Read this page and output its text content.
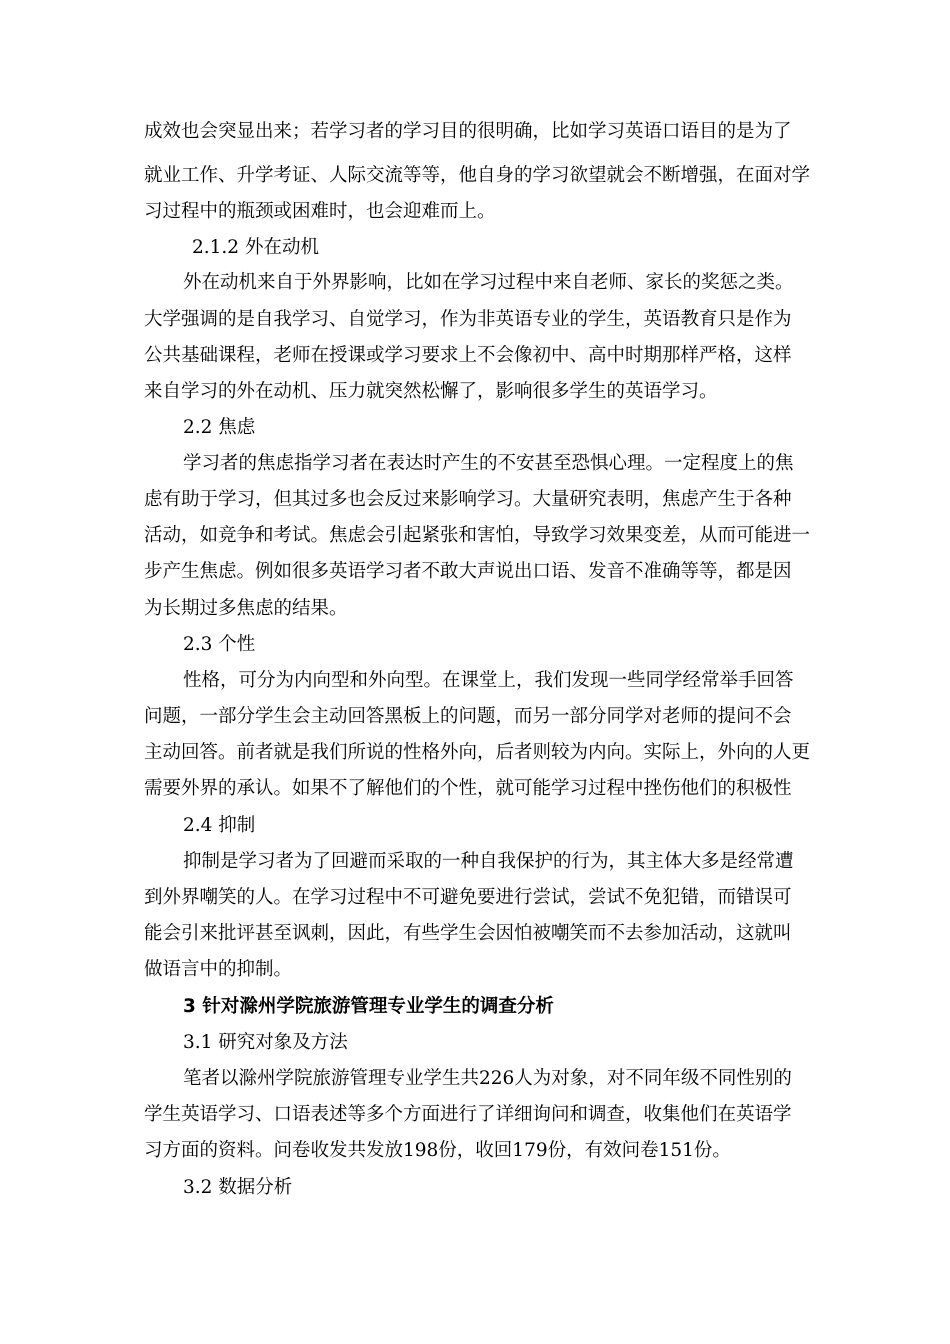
成效也会突显出来；若学习者的学习目的很明确，比如学习英语口语目的是为了
就业工作、升学考证、人际交流等等，他自身的学习欲望就会不断增强，在面对学
习过程中的瓶颈或困难时，也会迎难而上。
2.1.2 外在动机
外在动机来自于外界影响，比如在学习过程中来自老师、家长的奖惩之类。
大学强调的是自我学习、自觉学习，作为非英语专业的学生，英语教育只是作为
公共基础课程，老师在授课或学习要求上不会像初中、高中时期那样严格，这样
来自学习的外在动机、压力就突然松懈了，影响很多学生的英语学习。
2.2 焦虑
学习者的焦虑指学习者在表达时产生的不安甚至恐惧心理。一定程度上的焦
虑有助于学习，但其过多也会反过来影响学习。大量研究表明，焦虑产生于各种
活动，如竞争和考试。焦虑会引起紧张和害怕，导致学习效果变差，从而可能进一
步产生焦虑。例如很多英语学习者不敢大声说出口语、发音不准确等等，都是因
为长期过多焦虑的结果。
2.3 个性
性格，可分为内向型和外向型。在课堂上，我们发现一些同学经常举手回答
问题，一部分学生会主动回答黑板上的问题，而另一部分同学对老师的提问不会
主动回答。前者就是我们所说的性格外向，后者则较为内向。实际上，外向的人更
需要外界的承认。如果不了解他们的个性，就可能学习过程中挫伤他们的积极性
2.4 抑制
抑制是学习者为了回避而采取的一种自我保护的行为，其主体大多是经常遭
到外界嘲笑的人。在学习过程中不可避免要进行尝试，尝试不免犯错，而错误可
能会引来批评甚至讽刺，因此，有些学生会因怕被嘲笑而不去参加活动，这就叫
做语言中的抑制。
3 针对滁州学院旅游管理专业学生的调查分析
3.1 研究对象及方法
笔者以滁州学院旅游管理专业学生共226人为对象，对不同年级不同性别的
学生英语学习、口语表述等多个方面进行了详细询问和调查，收集他们在英语学
习方面的资料。问卷收发共发放198份，收回179份，有效问卷151份。
3.2 数据分析
